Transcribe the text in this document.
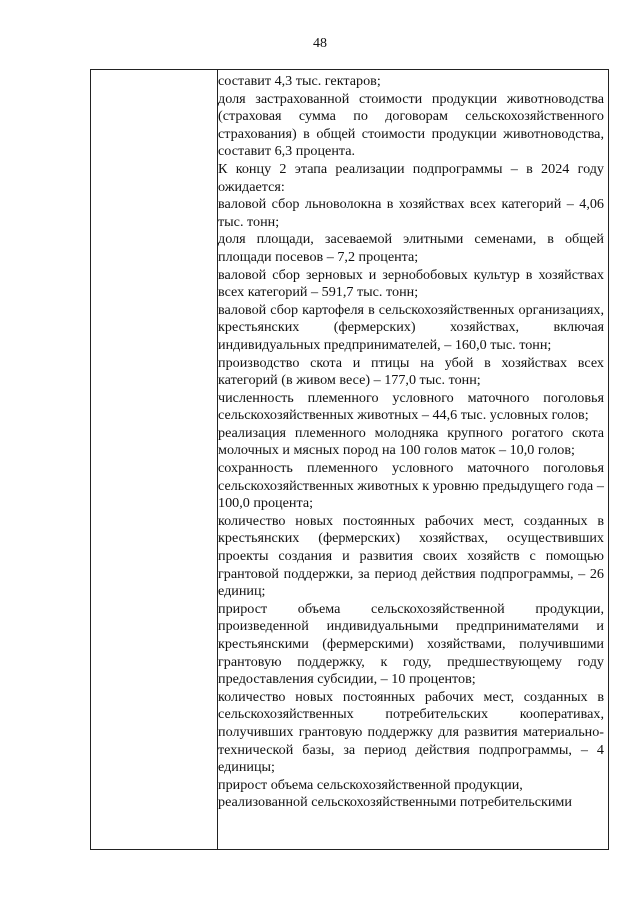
48

составит 4,3 тыс. гектаров;

доля застрахованной стоимости продукции животноводства (страховая сумма по договорам сельскохозяйственного страхования) в общей стоимости продукции животноводства, составит 6,3 процента.

К концу 2 этапа реализации подпрограммы – в 2024 году ожидается:

валовой сбор льноволокна в хозяйствах всех категорий – 4,06 тыс. тонн;

доля площади, засеваемой элитными семенами, в общей площади посевов – 7,2 процента;

валовой сбор зерновых и зернобобовых культур в хозяйствах всех категорий – 591,7 тыс. тонн;

валовой сбор картофеля в сельскохозяйственных организациях, крестьянских (фермерских) хозяйствах, включая индивидуальных предпринимателей, – 160,0 тыс. тонн;

производство скота и птицы на убой в хозяйствах всех категорий (в живом весе) – 177,0 тыс. тонн;

численность племенного условного маточного поголовья сельскохозяйственных животных – 44,6 тыс. условных голов;

реализация племенного молодняка крупного рогатого скота молочных и мясных пород на 100 голов маток – 10,0 голов;

сохранность племенного условного маточного поголовья сельскохозяйственных животных к уровню предыдущего года – 100,0 процента;

количество новых постоянных рабочих мест, созданных в крестьянских (фермерских) хозяйствах, осуществивших проекты создания и развития своих хозяйств с помощью грантовой поддержки, за период действия подпрограммы, – 26 единиц;

прирост объема сельскохозяйственной продукции, произведенной индивидуальными предпринимателями и крестьянскими (фермерскими) хозяйствами, получившими грантовую поддержку, к году, предшествующему году предоставления субсидии, – 10 процентов;

количество новых постоянных рабочих мест, созданных в сельскохозяйственных потребительских кооперативах, получивших грантовую поддержку для развития материально-технической базы, за период действия подпрограммы, – 4 единицы;

прирост объема сельскохозяйственной продукции, реализованной сельскохозяйственными потребительскими
